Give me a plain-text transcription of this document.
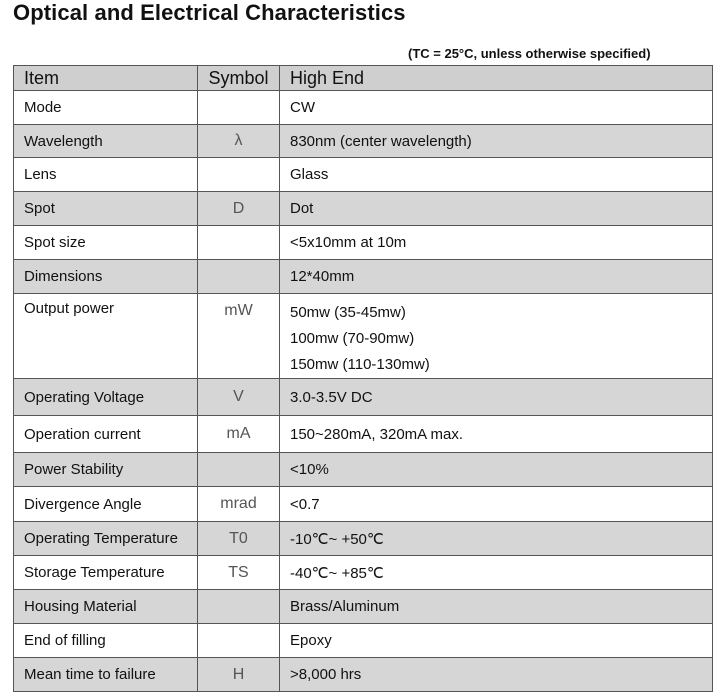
Optical and Electrical Characteristics
(TC = 25°C, unless otherwise specified)
Item	Symbol	High End
Mode		CW
Wavelength	λ	830nm (center wavelength)
Lens		Glass
Spot	D	Dot
Spot size		<5x10mm at 10m
Dimensions		12*40mm
Output power	mW	50mw (35-45mw)
100mw (70-90mw)
150mw (110-130mw)

Operating Voltage	V	3.0-3.5V DC
Operation current	mA	150~280mA, 320mA max.
Power Stability		<10%
Divergence Angle	mrad	<0.7
Operating Temperature	T0	-10℃~ +50℃
Storage Temperature	TS	-40℃~ +85℃
Housing Material		Brass/Aluminum
End of filling		Epoxy
Mean time to failure	H	>8,000 hrs
